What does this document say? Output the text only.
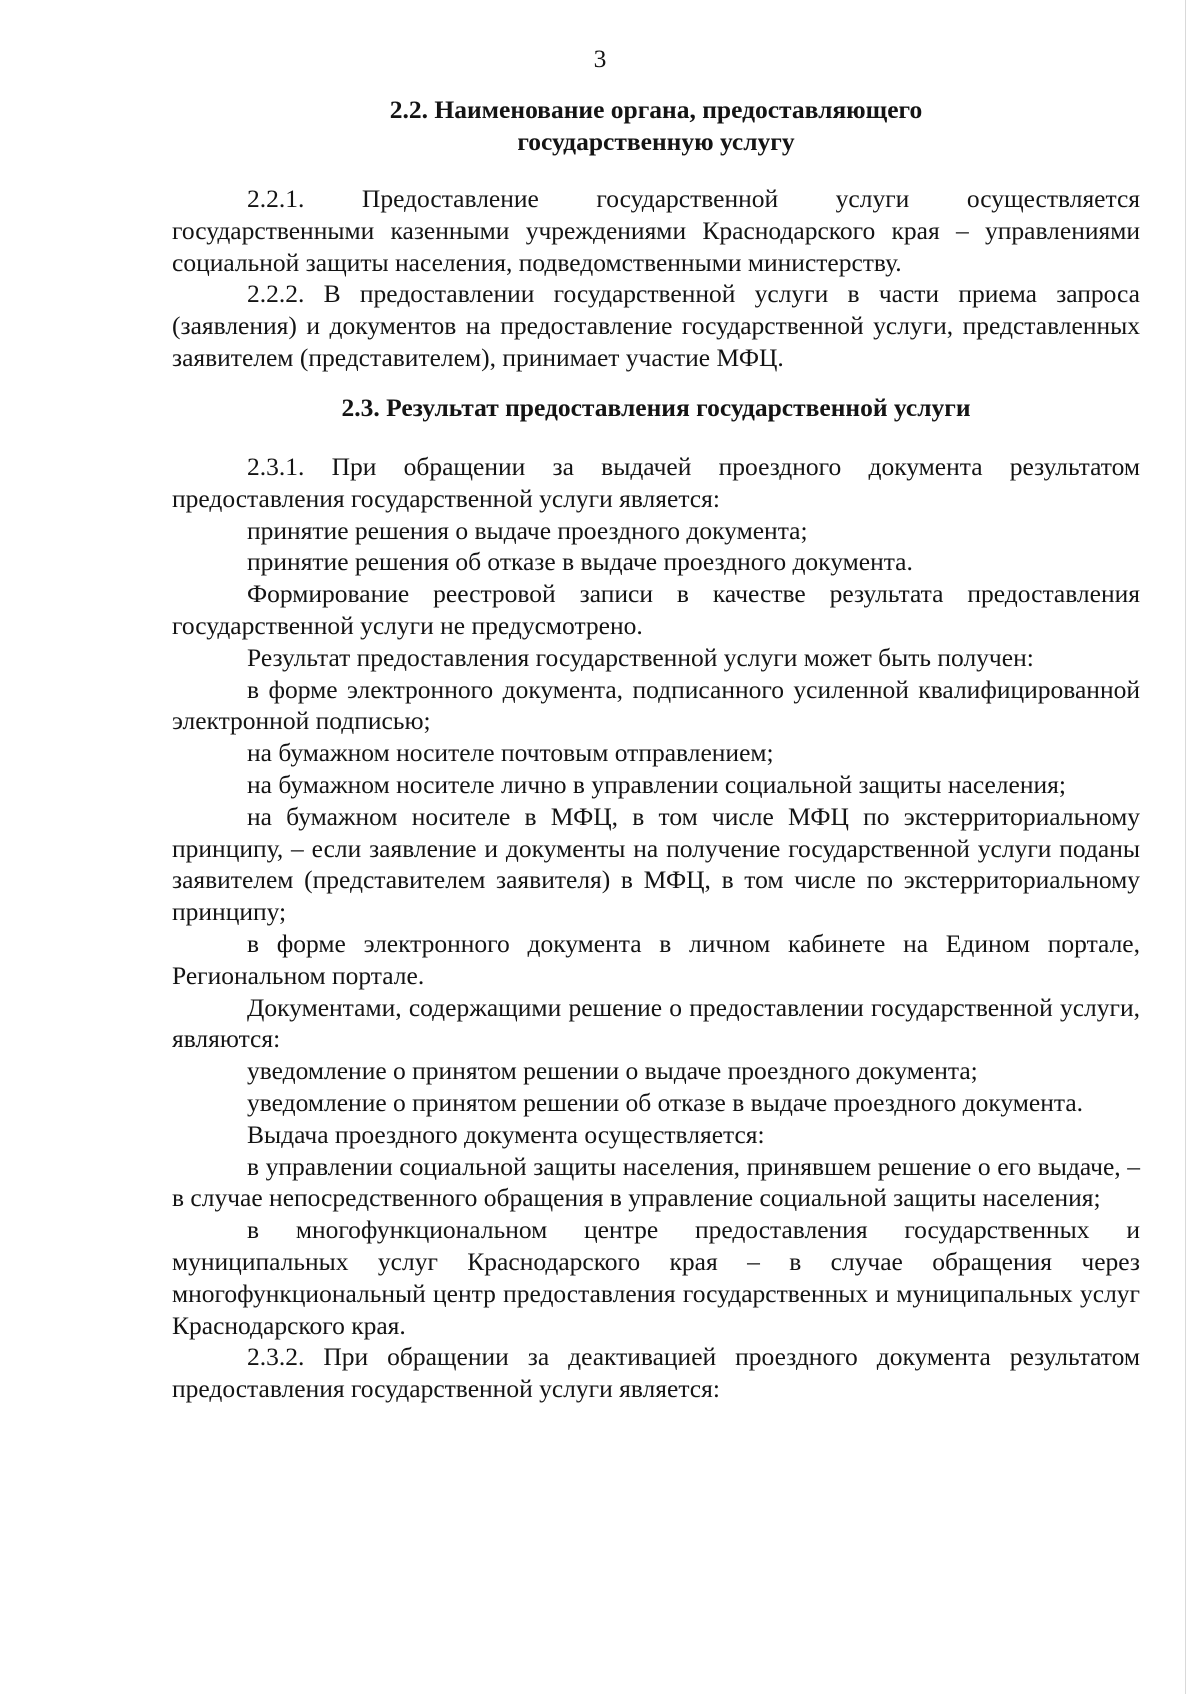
3
2.2. Наименование органа, предоставляющего
государственную услугу

2.2.1. Предоставление государственной услуги осуществляется государственными казенными учреждениями Краснодарского края – управлениями социальной защиты населения, подведомственными министерству.

2.2.2. В предоставлении государственной услуги в части приема запроса (заявления) и документов на предоставление государственной услуги, представленных заявителем (представителем), принимает участие МФЦ.

2.3. Результат предоставления государственной услуги

2.3.1. При обращении за выдачей проездного документа результатом предоставления государственной услуги является:

принятие решения о выдаче проездного документа;

принятие решения об отказе в выдаче проездного документа.

Формирование реестровой записи в качестве результата предоставления государственной услуги не предусмотрено.

Результат предоставления государственной услуги может быть получен:

в форме электронного документа, подписанного усиленной квалифицированной электронной подписью;

на бумажном носителе почтовым отправлением;

на бумажном носителе лично в управлении социальной защиты населения;

на бумажном носителе в МФЦ, в том числе МФЦ по экстерриториальному принципу, – если заявление и документы на получение государственной услуги поданы заявителем (представителем заявителя) в МФЦ, в том числе по экстерриториальному принципу;

в форме электронного документа в личном кабинете на Едином портале, Региональном портале.

Документами, содержащими решение о предоставлении государственной услуги, являются:

уведомление о принятом решении о выдаче проездного документа;

уведомление о принятом решении об отказе в выдаче проездного документа.

Выдача проездного документа осуществляется:

в управлении социальной защиты населения, принявшем решение о его выдаче, – в случае непосредственного обращения в управление социальной защиты населения;

в многофункциональном центре предоставления государственных и муниципальных услуг Краснодарского края – в случае обращения через многофункциональный центр предоставления государственных и муниципальных услуг Краснодарского края.

2.3.2. При обращении за деактивацией проездного документа результатом предоставления государственной услуги является:
